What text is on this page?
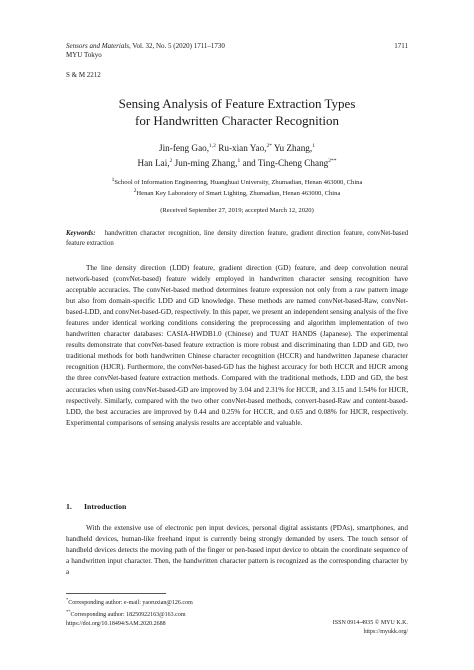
Sensors and Materials, Vol. 32, No. 5 (2020) 1711–1730
MYU Tokyo
1711
S & M 2212
Sensing Analysis of Feature Extraction Types
for Handwritten Character Recognition
Jin-feng Gao,$^{1,2}$ Ru-xian Yao,$^{2*}$ Yu Zhang,$^1$
Han Lai,$^2$ Jun-ming Zhang,$^1$ and Ting-Cheng Chang$^{2**}$
$^1$School of Information Engineering, Huanghuai University, Zhumadian, Henan 463000, China
$^2$Henan Key Laboratory of Smart Lighting, Zhumadian, Henan 463000, China
(Received September 27, 2019; accepted March 12, 2020)
Keywords: handwritten character recognition, line density direction feature, gradient direction feature, convNet-based feature extraction

The line density direction (LDD) feature, gradient direction (GD) feature, and deep convolution neural network-based (convNet-based) feature widely employed in handwritten character sensing recognition have acceptable accuracies. The convNet-based method determines feature expression not only from a raw pattern image but also from domain-specific LDD and GD knowledge. These methods are named convNet-based-Raw, convNet-based-LDD, and convNet-based-GD, respectively. In this paper, we present an independent sensing analysis of the five features under identical working conditions considering the preprocessing and algorithm implementation of two handwritten character databases: CASIA-HWDB1.0 (Chinese) and TUAT HANDS (Japanese). The experimental results demonstrate that convNet-based feature extraction is more robust and discriminating than LDD and GD, two traditional methods for both handwritten Chinese character recognition (HCCR) and handwritten Japanese character recognition (HJCR). Furthermore, the convNet-based-GD has the highest accuracy for both HCCR and HJCR among the three convNet-based feature extraction methods. Compared with the traditional methods, LDD and GD, the best accuracies when using convNet-based-GD are improved by 3.04 and 2.31% for HCCR, and 3.15 and 1.54% for HJCR, respectively. Similarly, compared with the two other convNet-based methods, convert-based-Raw and content-based-LDD, the best accuracies are improved by 0.44 and 0.25% for HCCR, and 0.65 and 0.08% for HJCR, respectively. Experimental comparisons of sensing analysis results are acceptable and valuable.

1. Introduction

With the extensive use of electronic pen input devices, personal digital assistants (PDAs), smartphones, and handheld devices, human-like freehand input is currently being strongly demanded by users. The touch sensor of handheld devices detects the moving path of the finger or pen-based input device to obtain the coordinate sequence of a handwritten input character. Then, the handwritten character pattern is recognized as the corresponding character by a

*Corresponding author: e-mail: yaoruxian@126.com
**Corresponding author: 18250922163@163.com
https://doi.org/10.18494/SAM.2020.2688	ISSN 0914-4935 © MYU K.K.
https://myukk.org/
